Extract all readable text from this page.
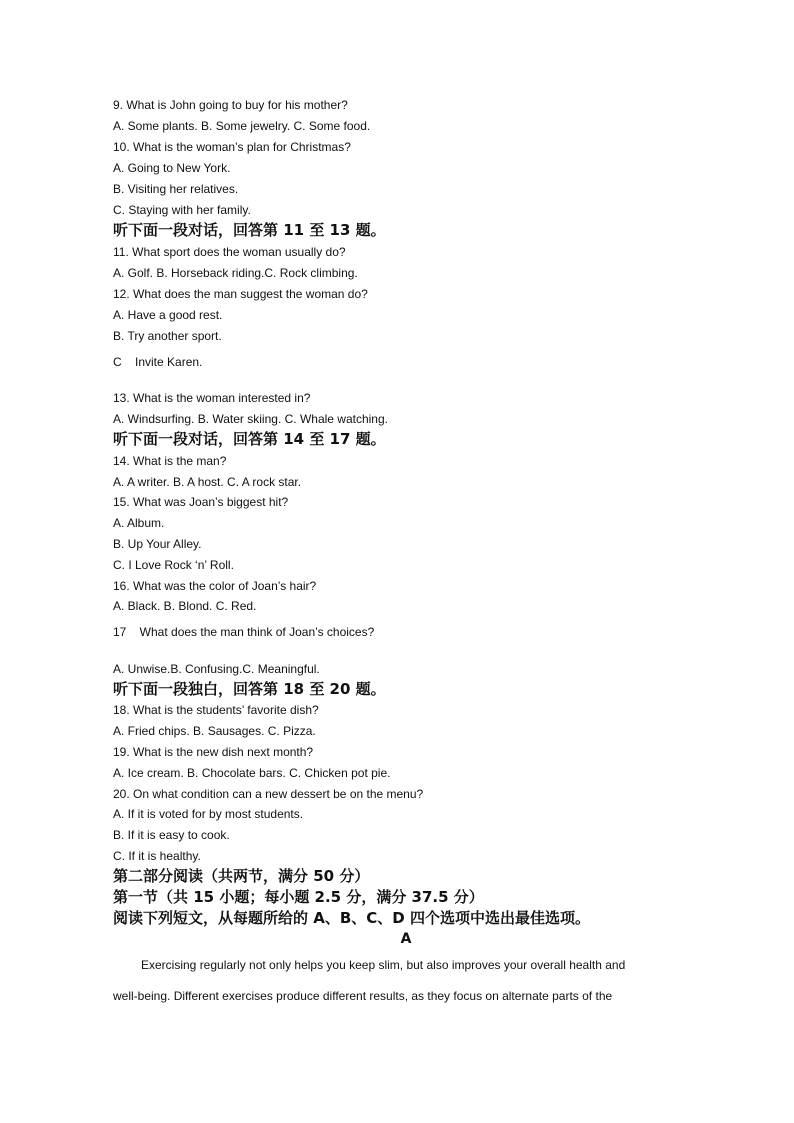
9. What is John going to buy for his mother?
A. Some plants. B. Some jewelry. C. Some food.
10. What is the woman’s plan for Christmas?
A. Going to New York.
B. Visiting her relatives.
C. Staying with her family.
听下面一段对话，回答第 11 至 13 题。
11. What sport does the woman usually do?
A. Golf. B. Horseback riding.C. Rock climbing.
12. What does the man suggest the woman do?
A. Have a good rest.
B. Try another sport.
C    Invite Karen.
13. What is the woman interested in?
A. Windsurfing. B. Water skiing. C. Whale watching.
听下面一段对话，回答第 14 至 17 题。
14. What is the man?
A. A writer. B. A host. C. A rock star.
15. What was Joan’s biggest hit?
A. Album.
B. Up Your Alley.
C. I Love Rock ‘n’ Roll.
16. What was the color of Joan’s hair?
A. Black. B. Blond. C. Red.
17    What does the man think of Joan’s choices?
A. Unwise.B. Confusing.C. Meaningful.
听下面一段独白，回答第 18 至 20 题。
18. What is the students’ favorite dish?
A. Fried chips. B. Sausages. C. Pizza.
19. What is the new dish next month?
A. Ice cream. B. Chocolate bars. C. Chicken pot pie.
20. On what condition can a new dessert be on the menu?
A. If it is voted for by most students.
B. If it is easy to cook.
C. If it is healthy.
第二部分阅读（共两节，满分 50 分）
第一节（共 15 小题；每小题 2.5 分，满分 37.5 分）
阅读下列短文，从每题所给的 A、B、C、D 四个选项中选出最佳选项。
A
Exercising regularly not only helps you keep slim, but also improves your overall health and
well-being. Different exercises produce different results, as they focus on alternate parts of the
